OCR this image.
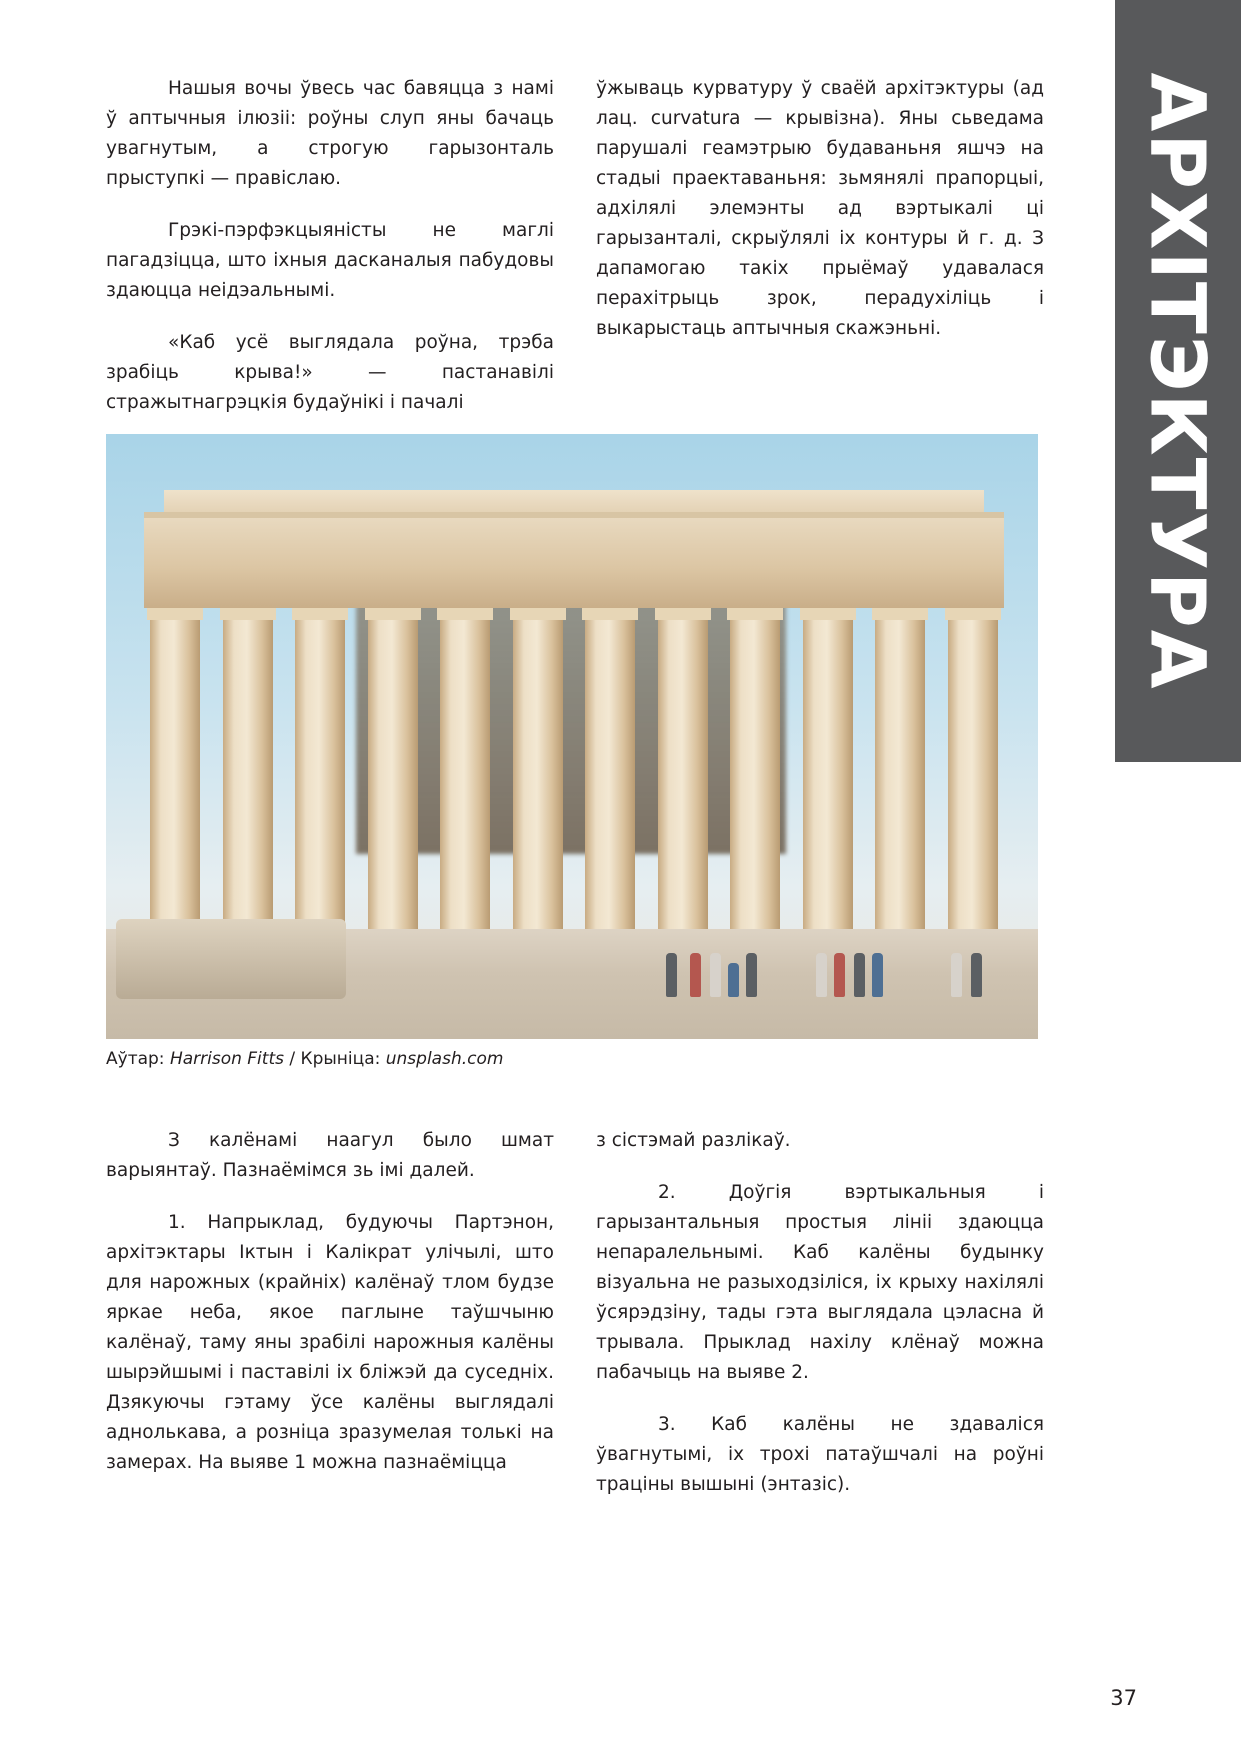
АРХІТЭКТУРА

Нашыя вочы ўвесь час бавяцца з намі ў аптычныя ілюзіі: роўны слуп яны бачаць увагнутым, а строгую гарызонталь прыступкі — правіслаю.

Грэкі-пэрфэкцыяністы не маглі пагадзіцца, што іхныя дасканалыя пабудовы здаюцца неідэальнымі.

«Каб усё выглядала роўна, трэба зрабіць крыва!» — пастанавілі стражытнагрэцкія будаўнікі і пачалі

ўжываць курватуру ў сваёй архітэктуры (ад лац. curvatura — крывізна). Яны сьведама парушалі геамэтрыю будаваньня яшчэ на стадыі праектаваньня: зьмянялі прапорцыі, адхілялі элемэнты ад вэртыкалі ці гарызанталі, скрыўлялі іх контуры й г. д. З дапамогаю такіх прыёмаў удавалася перахітрыць зрок, перадухіліць і выкарыстаць аптычныя скажэньні.

Аўтар: Harrison Fitts / Крыніца: unsplash.com

З калёнамі наагул было шмат варыянтаў. Пазнаёмімся зь імі далей.

1. Напрыклад, будуючы Партэнон, архітэктары Іктын і Калікрат улічылі, што для нарожных (крайніх) калёнаў тлом будзе яркае неба, якое паглыне таўшчыню калёнаў, таму яны зрабілі нарожныя калёны шырэйшымі і паставілі іх бліжэй да суседніх. Дзякуючы гэтаму ўсе калёны выглядалі аднолькава, а рознiца зразумелая толькі на замерах. На выяве 1 можна пазнаёміцца

з сістэмай разлікаў.

2. Доўгія вэртыкальныя і гарызантальныя простыя лініі здаюцца непаралельнымі. Каб калёны будынку візуальна не разыходзіліся, іх крыху нахілялі ўсярэдзіну, тады гэта выглядала цэласна й трывала. Прыклад нахілу клёнаў можна пабачыць на выяве 2.

3. Каб калёны не здаваліся ўвагнутымі, іх трохі патаўшчалі на роўні траціны вышыні (энтазіс).

37
